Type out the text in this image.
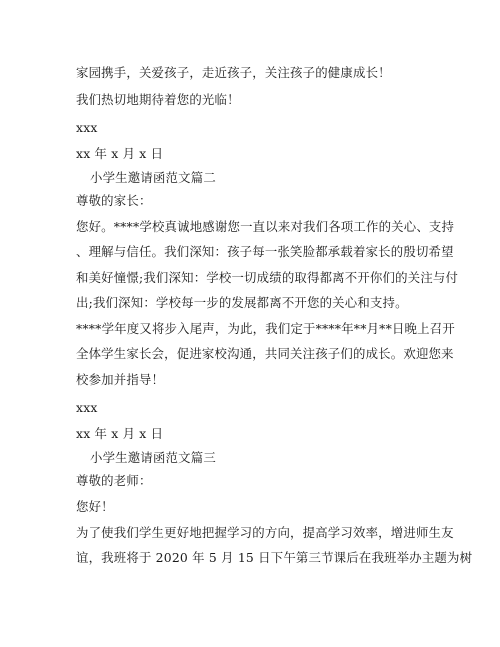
家园携手，关爱孩子，走近孩子，关注孩子的健康成长！
我们热切地期待着您的光临！
xxx
xx 年 x 月 x 日
小学生邀请函范文篇二
尊敬的家长：
您好。****学校真诚地感谢您一直以来对我们各项工作的关心、支持
、理解与信任。我们深知：孩子每一张笑脸都承载着家长的殷切希望
和美好憧憬;我们深知：学校一切成绩的取得都离不开你们的关注与付
出;我们深知：学校每一步的发展都离不开您的关心和支持。
****学年度又将步入尾声，为此，我们定于****年**月**日晚上召开
全体学生家长会，促进家校沟通，共同关注孩子们的成长。欢迎您来
校参加并指导！
xxx
xx 年 x 月 x 日
小学生邀请函范文篇三
尊敬的老师：
您好！
为了使我们学生更好地把握学习的方向，提高学习效率，增进师生友
谊，我班将于 2020 年 5 月 15 日下午第三节课后在我班举办主题为树
